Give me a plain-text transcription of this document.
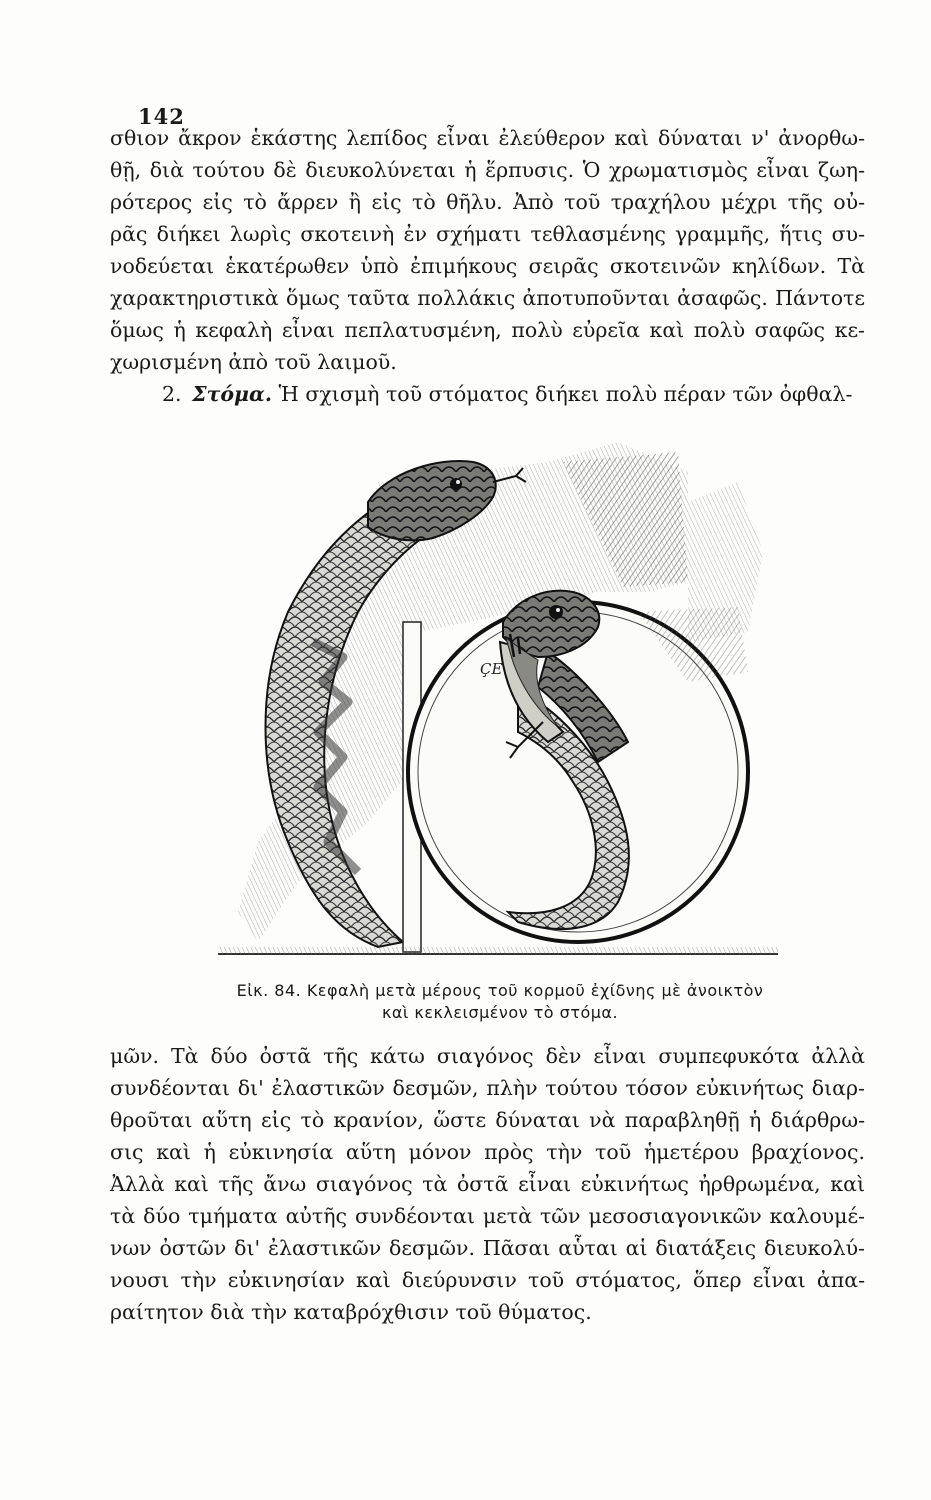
142
σθιον ἄκρον ἑκάστης λεπίδος εἶναι ἐλεύθερον καὶ δύναται ν' ἀνορθω-
θῇ, διὰ τούτου δὲ διευκολύνεται ἡ ἕρπυσις. Ὁ χρωματισμὸς εἶναι ζωη-
ρότερος εἰς τὸ ἄρρεν ἢ εἰς τὸ θῆλυ. Ἀπὸ τοῦ τραχήλου μέχρι τῆς οὐ-
ρᾶς διήκει λωρὶς σκοτεινὴ ἐν σχήματι τεθλασμένης γραμμῆς, ἥτις συ-
νοδεύεται ἑκατέρωθεν ὑπὸ ἐπιμήκους σειρᾶς σκοτεινῶν κηλίδων. Τὰ
χαρακτηριστικὰ ὅμως ταῦτα πολλάκις ἀποτυποῦνται ἀσαφῶς. Πάντοτε
ὅμως ἡ κεφαλὴ εἶναι πεπλατυσμένη, πολὺ εὐρεῖα καὶ πολὺ σαφῶς κε-
χωρισμένη ἀπὸ τοῦ λαιμοῦ.
2. Στόμα. Ἡ σχισμὴ τοῦ στόματος διήκει πολὺ πέραν τῶν ὀφθαλ-
ÇE
Εἰκ. 84. Κεφαλὴ μετὰ μέρους τοῦ κορμοῦ ἐχίδνης μὲ ἀνοικτὸν
καὶ κεκλεισμένον τὸ στόμα.
μῶν. Τὰ δύο ὀστᾶ τῆς κάτω σιαγόνος δὲν εἶναι συμπεφυκότα ἀλλὰ
συνδέονται δι' ἐλαστικῶν δεσμῶν, πλὴν τούτου τόσον εὐκινήτως διαρ-
θροῦται αὕτη εἰς τὸ κρανίον, ὥστε δύναται νὰ παραβληθῇ ἡ διάρθρω-
σις καὶ ἡ εὐκινησία αὕτη μόνον πρὸς τὴν τοῦ ἡμετέρου βραχίονος.
Ἀλλὰ καὶ τῆς ἄνω σιαγόνος τὰ ὀστᾶ εἶναι εὐκινήτως ἠρθρωμένα, καὶ
τὰ δύο τμήματα αὐτῆς συνδέονται μετὰ τῶν μεσοσιαγονικῶν καλουμέ-
νων ὀστῶν δι' ἐλαστικῶν δεσμῶν. Πᾶσαι αὗται αἱ διατάξεις διευκολύ-
νουσι τὴν εὐκινησίαν καὶ διεύρυνσιν τοῦ στόματος, ὅπερ εἶναι ἀπα-
ραίτητον διὰ τὴν καταβρόχθισιν τοῦ θύματος.
